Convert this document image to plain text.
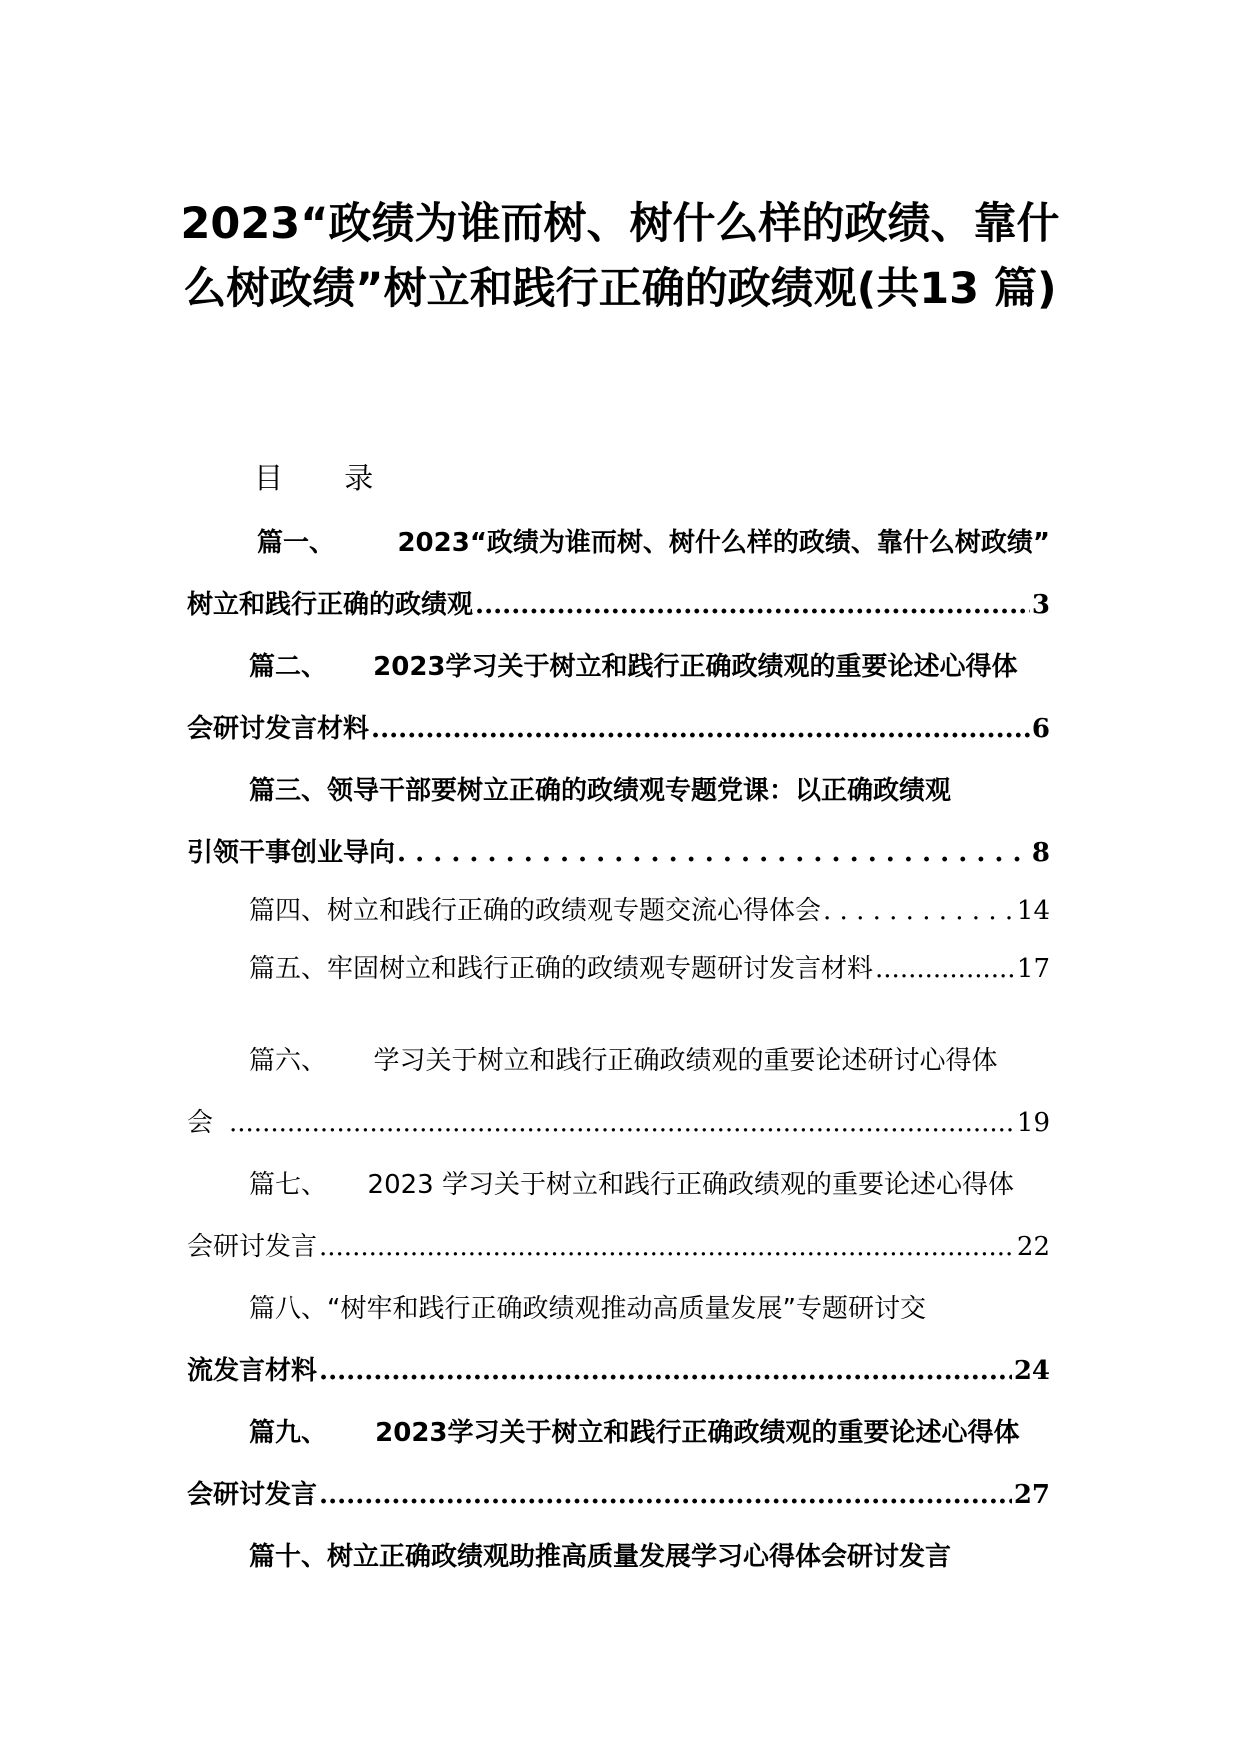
2023“政绩为谁而树、树什么样的政绩、靠什么树政绩”树立和践行正确的政绩观(共13 篇)
目 录
篇一、 2023“政绩为谁而树、树什么样的政绩、靠什么树政绩”
树立和践行正确的政绩观 .....	3
篇二、 2023学习关于树立和践行正确政绩观的重要论述心得体
会研讨发言材料 .....	6
篇三、领导干部要树立正确的政绩观专题党课：以正确政绩观
引领干事创业导向 . . .	8
篇四、树立和践行正确的政绩观专题交流心得体会 . . .	14
篇五、牢固树立和践行正确的政绩观专题研讨发言材料 .....	17
篇六、 学习关于树立和践行正确政绩观的重要论述研讨心得体
会 .....	19
篇七、 2023 学习关于树立和践行正确政绩观的重要论述心得体
会研讨发言 .....	22
篇八、“树牢和践行正确政绩观推动高质量发展”专题研讨交
流发言材料 .....	24
篇九、 2023学习关于树立和践行正确政绩观的重要论述心得体
会研讨发言 .....	27
篇十、树立正确政绩观助推高质量发展学习心得体会研讨发言
